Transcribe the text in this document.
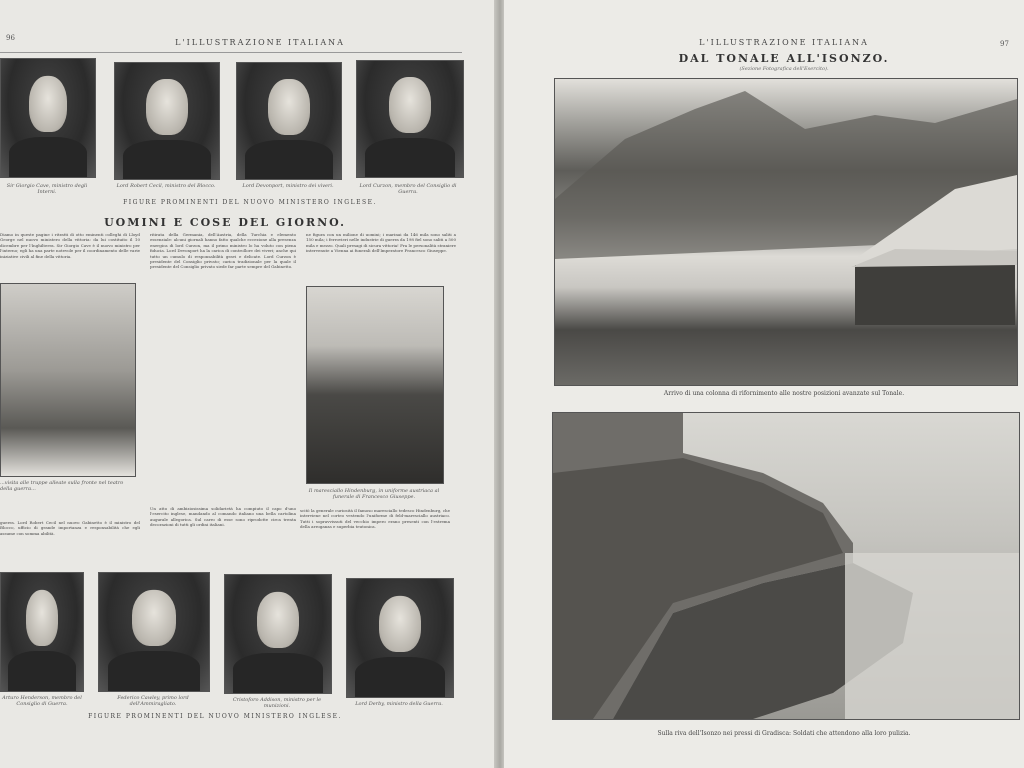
96	L'ILLUSTRAZIONE ITALIANA
Sir Giorgio Cave, ministro degli Interni.
Lord Robert Cecil, ministro del Blocco.	Lord Devonport, ministro dei viveri.	Lord Curzon, membro del Consiglio di Guerra.
FIGURE PROMINENTI DEL NUOVO MINISTERO INGLESE.
UOMINI E COSE DEL GIORNO.
Diamo in queste pagine i ritratti di otto eminenti colleghi di Lloyd George nel nuovo ministero della vittoria: da lui costituito il 10 dicembre per l'Inghilterra. Sir Giorgio Cave è il nuovo ministro per l'interno; egli ha una parte notevole per il coordinamento delle varie iniziative civili al fine della vittoria.
ritirata della Germania, dell'Austria, della Turchia e elemento essenziale: alcuni giornali hanno fatto qualche eccezione alla presenza energica di lord Curzon, ma il primo ministro lo ha voluto con piena fiducia. Lord Devonport ha la carica di controllore dei viveri; anche qui tutto un cumulo di responsabilità gravi e delicate. Lord Curzon è presidente del Consiglio privato; carica tradizionale per la quale il presidente del Consiglio privato siede far parte sempre del Gabinetto.
ne figura con un milione di uomini; i marinai da 146 mila sono saliti a 150 mila; i ferrovieri nelle industrie di guerra da 198 fiel sono saliti a 500 mila e mezzo. Quali presagi di sicura vittoria! Fra le personalità straniere intervenute a Vienna ai funerali dell'Imperatore Francesco Giuseppe.
...visita alle truppe alleate sulla fronte nel teatro della guerra...	Il maresciallo Hindenburg, in uniforme austriaca al funerale di Francesco Giuseppe.
guerra. Lord Robert Cecil nel nuovo Gabinetto è il ministro del Blocco, ufficio di grande importanza e responsabilità che egli assume con somma abilità.
Un atto di ambiziosissima solidarietà ha compiuto il capo d'uno l'esercito inglese, mandando al comando italiano una bella cartolina augurale allegorica. Sul carro di esse sono riprodotte circa trenta decorazioni di tutti gli ordini italiani.
scitò la generale curiosità il famoso maresciallo tedesco Hindenburg, che interviene nel corteo vestendo l'uniforme di feld-maresciallo austriaco. Tutti i sopravvissuti del vecchio impero erano presenti con l'estrema della arroganza e superbia teutonica.
Arturo Henderson, membro del Consiglio di Guerra.
Federico Cawley, primo lord dell'Ammiragliato.
Cristoforo Addison, ministro per le munizioni.	Lord Derby, ministro della Guerra.
FIGURE PROMINENTI DEL NUOVO MINISTERO INGLESE.
L'ILLUSTRAZIONE ITALIANA	97
DAL TONALE ALL'ISONZO.
(Sezione Fotografica dell'Esercito).
Arrivo di una colonna di rifornimento alle nostre posizioni avanzate sul Tonale.
Sulla riva dell'Isonzo nei pressi di Gradisca: Soldati che attendono alla loro pulizia.
